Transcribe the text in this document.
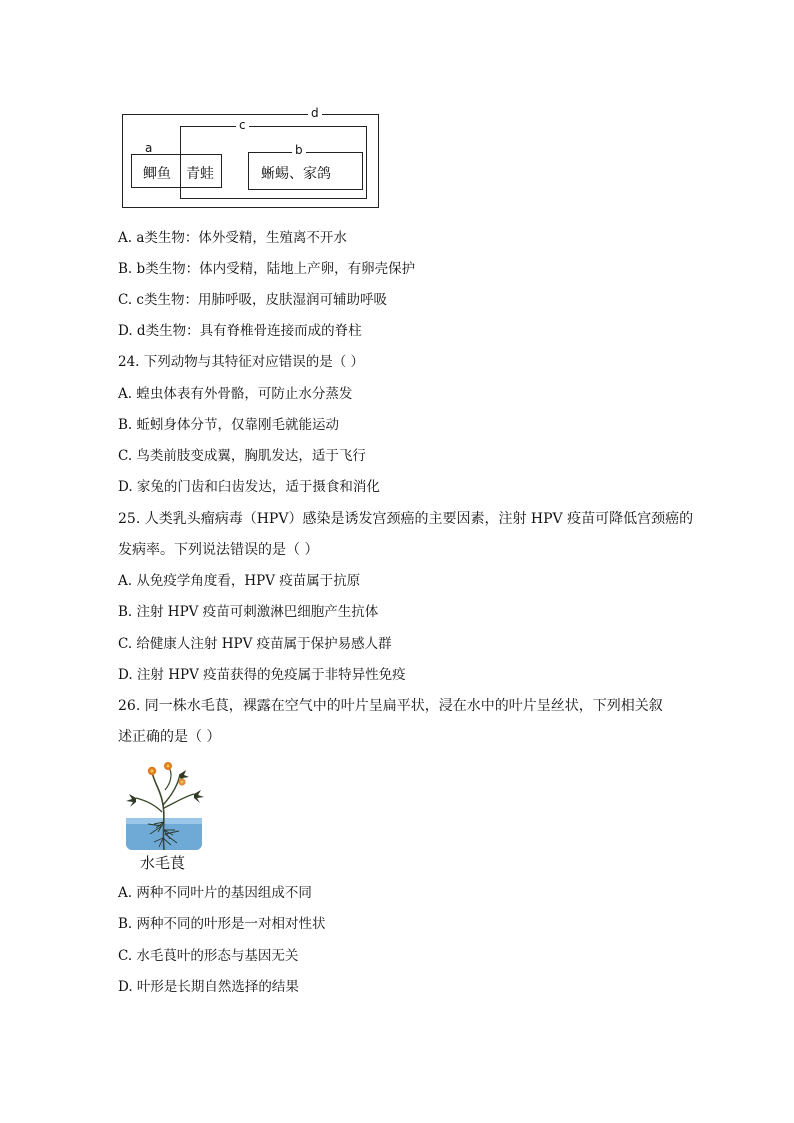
d
c
a	b
鲫鱼 青蛙	蜥蜴、家鸽
A. a类生物：体外受精，生殖离不开水
B. b类生物：体内受精，陆地上产卵，有卵壳保护
C. c类生物：用肺呼吸，皮肤湿润可辅助呼吸
D. d类生物：具有脊椎骨连接而成的脊柱
24. 下列动物与其特征对应错误的是（ ）
A. 蝗虫体表有外骨骼，可防止水分蒸发
B. 蚯蚓身体分节，仅靠刚毛就能运动
C. 鸟类前肢变成翼，胸肌发达，适于飞行
D. 家兔的门齿和臼齿发达，适于摄食和消化
25. 人类乳头瘤病毒（HPV）感染是诱发宫颈癌的主要因素，注射 HPV 疫苗可降低宫颈癌的
发病率。下列说法错误的是（ ）
A. 从免疫学角度看，HPV 疫苗属于抗原
B. 注射 HPV 疫苗可刺激淋巴细胞产生抗体
C. 给健康人注射 HPV 疫苗属于保护易感人群
D. 注射 HPV 疫苗获得的免疫属于非特异性免疫
26. 同一株水毛茛，裸露在空气中的叶片呈扁平状，浸在水中的叶片呈丝状，下列相关叙
述正确的是（ ）
水毛茛
A. 两种不同叶片的基因组成不同
B. 两种不同的叶形是一对相对性状
C. 水毛茛叶的形态与基因无关
D. 叶形是长期自然选择的结果
